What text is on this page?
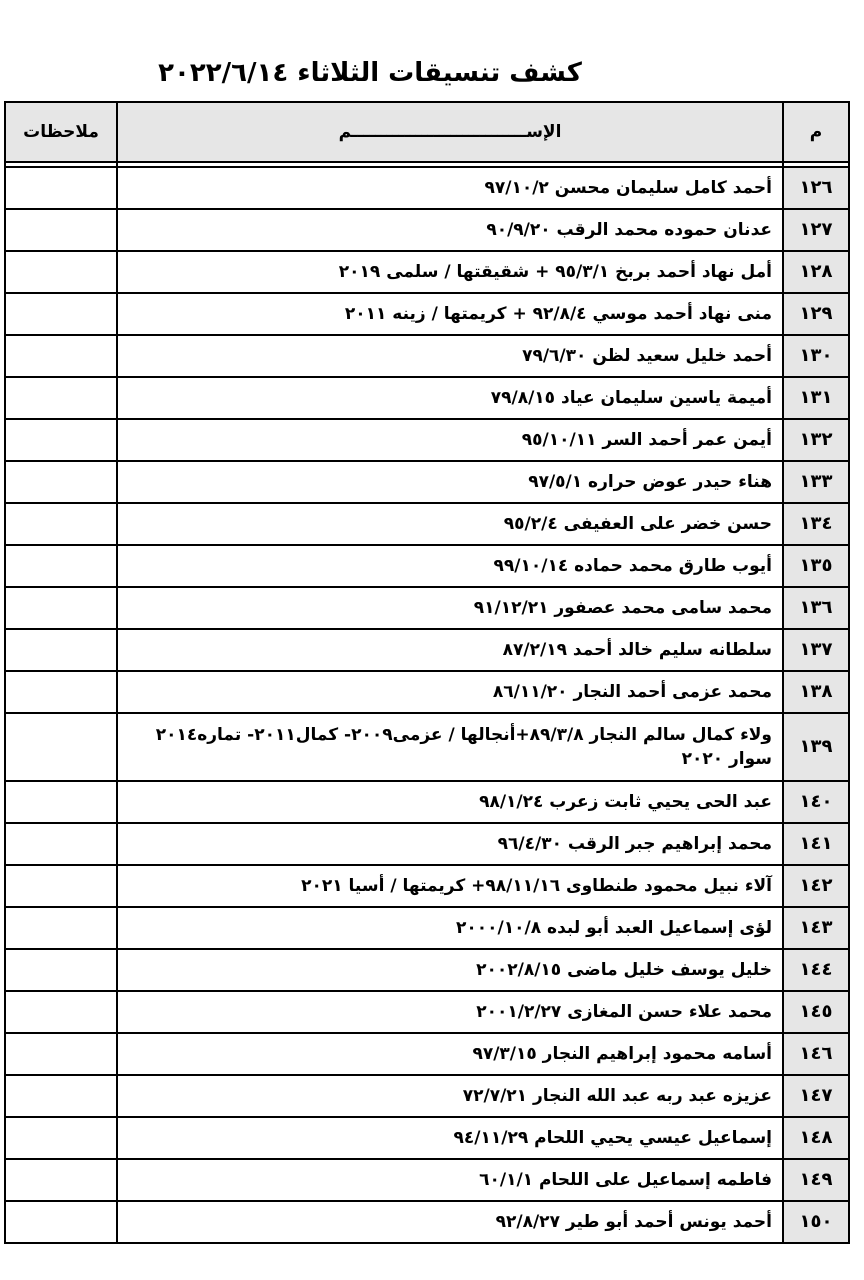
كشف تنسيقات الثلاثاء ٢٠٢٢/٦/١٤
م	الإســــــــــــــــــــــــــــــم	ملاحظات

١٢٦	أحمد كامل سليمان محسن ٩٧/١٠/٢	
١٢٧	عدنان حموده محمد الرقب ٩٠/٩/٢٠	
١٢٨	أمل نهاد أحمد بربخ ٩٥/٣/١ + شقيقتها / سلمى ٢٠١٩	
١٢٩	منى نهاد أحمد موسي ٩٢/٨/٤ + كريمتها / زينه ٢٠١١	
١٣٠	أحمد خليل سعيد لظن ٧٩/٦/٣٠	
١٣١	أميمة ياسين سليمان عياد ٧٩/٨/١٥	
١٣٢	أيمن عمر أحمد السر ٩٥/١٠/١١	
١٣٣	هناء حيدر عوض حراره ٩٧/٥/١	
١٣٤	حسن خضر على العفيفى ٩٥/٢/٤	
١٣٥	أيوب طارق محمد حماده ٩٩/١٠/١٤	
١٣٦	محمد سامى محمد عصفور ٩١/١٢/٢١	
١٣٧	سلطانه سليم خالد أحمد ٨٧/٢/١٩	
١٣٨	محمد عزمى أحمد النجار ٨٦/١١/٢٠	
١٣٩	ولاء كمال سالم النجار ٨٩/٣/٨+أنجالها / عزمى٢٠٠٩- كمال٢٠١١- تماره٢٠١٤ سوار ٢٠٢٠	
١٤٠	عبد الحى يحيي ثابت زعرب ٩٨/١/٢٤	
١٤١	محمد إبراهيم جبر الرقب ٩٦/٤/٣٠	
١٤٢	آلاء نبيل محمود طنطاوى ٩٨/١١/١٦+ كريمتها / أسيا ٢٠٢١	
١٤٣	لؤى إسماعيل العبد أبو لبده ٢٠٠٠/١٠/٨	
١٤٤	خليل يوسف خليل ماضى ٢٠٠٢/٨/١٥	
١٤٥	محمد علاء حسن المغازى ٢٠٠١/٢/٢٧	
١٤٦	أسامه محمود إبراهيم النجار ٩٧/٣/١٥	
١٤٧	عزيزه عبد ربه عبد الله النجار ٧٢/٧/٢١	
١٤٨	إسماعيل عيسي يحيي اللحام ٩٤/١١/٢٩	
١٤٩	فاطمه إسماعيل على اللحام ٦٠/١/١	
١٥٠	أحمد يونس أحمد أبو طير ٩٢/٨/٢٧	
